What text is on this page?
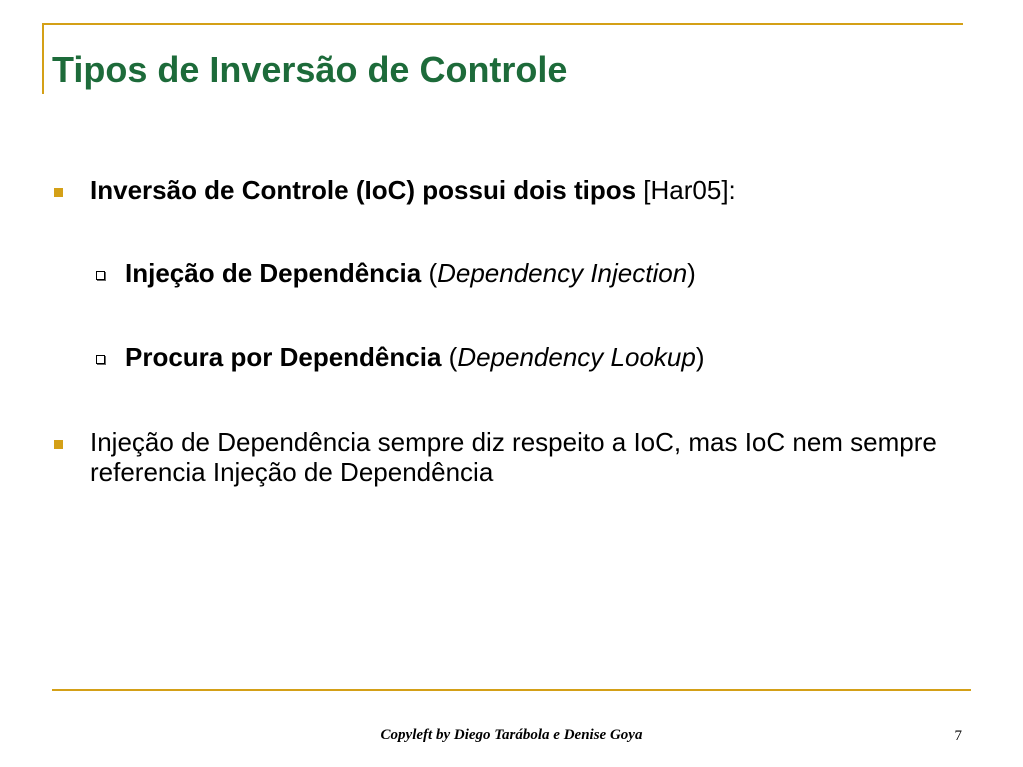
Tipos de Inversão de Controle
Inversão de Controle (IoC) possui dois tipos [Har05]:
Injeção de Dependência (Dependency Injection)
Procura por Dependência (Dependency Lookup)
Injeção de Dependência sempre diz respeito a IoC, mas IoC nem sempre referencia Injeção de Dependência
Copyleft by Diego Tarábola e Denise Goya	7
